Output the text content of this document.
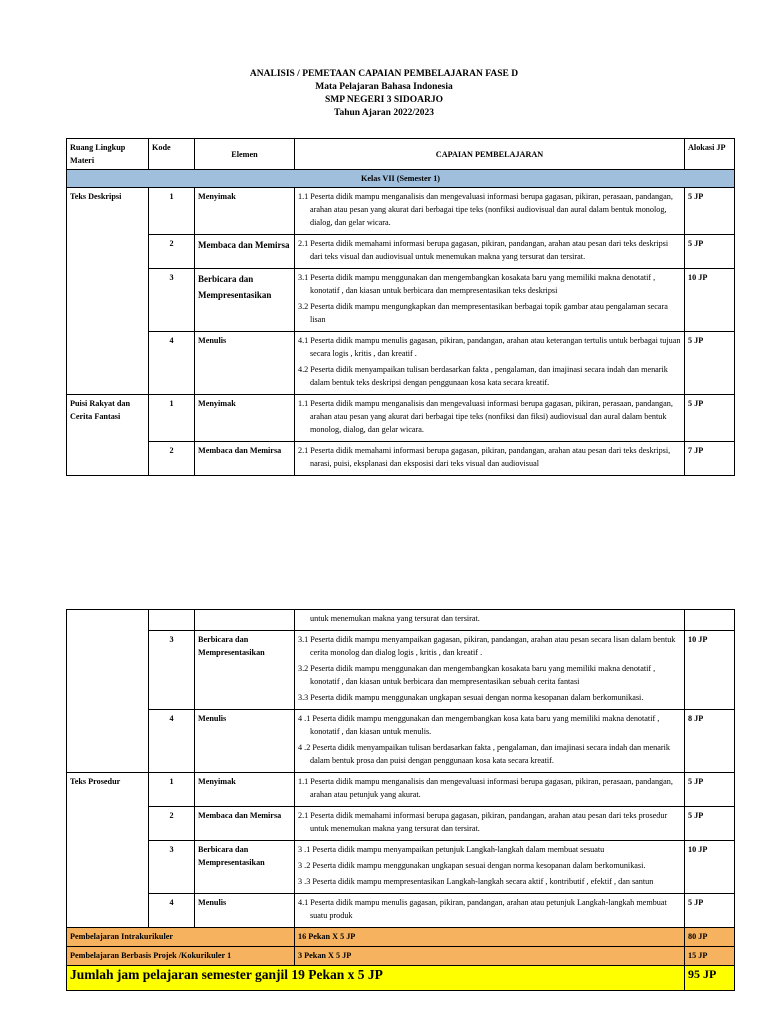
ANALISIS / PEMETAAN CAPAIAN PEMBELAJARAN FASE D
Mata Pelajaran Bahasa Indonesia
SMP NEGERI 3 SIDOARJO
Tahun Ajaran 2022/2023
Ruang Lingkup Materi	Kode	Elemen	CAPAIAN PEMBELAJARAN	Alokasi JP
Kelas VII (Semester 1)				
Teks Deskripsi	1	Menyimak	1.1 Peserta didik mampu menganalisis dan mengevaluasi informasi berupa gagasan, pikiran, perasaan, pandangan, arahan atau pesan yang akurat dari berbagai tipe teks (nonfiksi audiovisual dan aural dalam bentuk monolog, dialog, dan gelar wicara.	5 JP
	2	Membaca dan Memirsa	2.1 Peserta didik memahami informasi berupa gagasan, pikiran, pandangan, arahan atau pesan dari teks deskripsi dari teks visual dan audiovisual untuk menemukan makna yang tersurat dan tersirat.	5 JP
	3	Berbicara dan Mempresentasikan	3.1 Peserta didik mampu menggunakan dan mengembangkan kosakata baru yang memiliki makna denotatif , konotatif , dan kiasan untuk berbicara dan mempresentasikan teks deskripsi

3.2 Peserta didik mampu mengungkapkan dan mempresentasikan berbagai topik gambar atau pengalaman secara lisan	10 JP
	4	Menulis	4.1 Peserta didik mampu menulis gagasan, pikiran, pandangan, arahan atau keterangan tertulis untuk berbagai tujuan secara logis , kritis , dan kreatif .

4.2 Peserta didik menyampaikan tulisan berdasarkan fakta , pengalaman, dan imajinasi secara indah dan menarik dalam bentuk teks deskripsi dengan penggunaan kosa kata secara kreatif.	5 JP
Puisi Rakyat dan Cerita Fantasi	1	Menyimak	1.1 Peserta didik mampu menganalisis dan mengevaluasi informasi berupa gagasan, pikiran, perasaan, pandangan, arahan atau pesan yang akurat dari berbagai tipe teks (nonfiksi dan fiksi) audiovisual dan aural dalam bentuk monolog, dialog, dan gelar wicara.	5 JP
	2	Membaca dan Memirsa	2.1 Peserta didik memahami informasi berupa gagasan, pikiran, pandangan, arahan atau pesan dari teks deskripsi, narasi, puisi, eksplanasi dan eksposisi dari teks visual dan audiovisual	7 JP

			untuk menemukan makna yang tersurat dan tersirat.	

	3	Berbicara dan Mempresentasikan	3.1 Peserta didik mampu menyampaikan gagasan, pikiran, pandangan, arahan atau pesan secara lisan dalam bentuk cerita monolog dan dialog logis , kritis , dan kreatif .

3.2 Peserta didik mampu menggunakan dan mengembangkan kosakata baru yang memiliki makna denotatif , konotatif , dan kiasan untuk berbicara dan mempresentasikan sebuah cerita fantasi

3.3 Peserta didik mampu menggunakan ungkapan sesuai dengan norma kesopanan dalam berkomunikasi.	10 JP
	4	Menulis	4 .1 Peserta didik mampu menggunakan dan mengembangkan kosa kata baru yang memiliki makna denotatif , konotatif , dan kiasan untuk menulis.

4 .2 Peserta didik menyampaikan tulisan berdasarkan fakta , pengalaman, dan imajinasi secara indah dan menarik dalam bentuk prosa dan puisi dengan penggunaan kosa kata secara kreatif.	8 JP
Teks Prosedur	1	Menyimak	1.1 Peserta didik mampu menganalisis dan mengevaluasi informasi berupa gagasan, pikiran, perasaan, pandangan, arahan atau petunjuk yang akurat.	5 JP
	2	Membaca dan Memirsa	2.1 Peserta didik memahami informasi berupa gagasan, pikiran, pandangan, arahan atau pesan dari teks prosedur untuk menemukan makna yang tersurat dan tersirat.	5 JP
	3	Berbicara dan Mempresentasikan	3 .1 Peserta didik mampu menyampaikan petunjuk Langkah-langkah dalam membuat sesuatu

3 .2 Peserta didik mampu menggunakan ungkapan sesuai dengan norma kesopanan dalam berkomunikasi.

3 .3 Peserta didik mampu mempresentasikan Langkah-langkah secara aktif , kontributif , efektif , dan santun	10 JP
	4	Menulis	4.1 Peserta didik mampu menulis gagasan, pikiran, pandangan, arahan atau petunjuk Langkah-langkah membuat suatu produk	5 JP
Pembelajaran Intrakurikuler			16 Pekan X 5 JP	80 JP
Pembelajaran Berbasis Projek /Kokurikuler 1			3 Pekan X 5 JP	15 JP
Jumlah jam pelajaran semester ganjil 19 Pekan x 5 JP				95 JP
